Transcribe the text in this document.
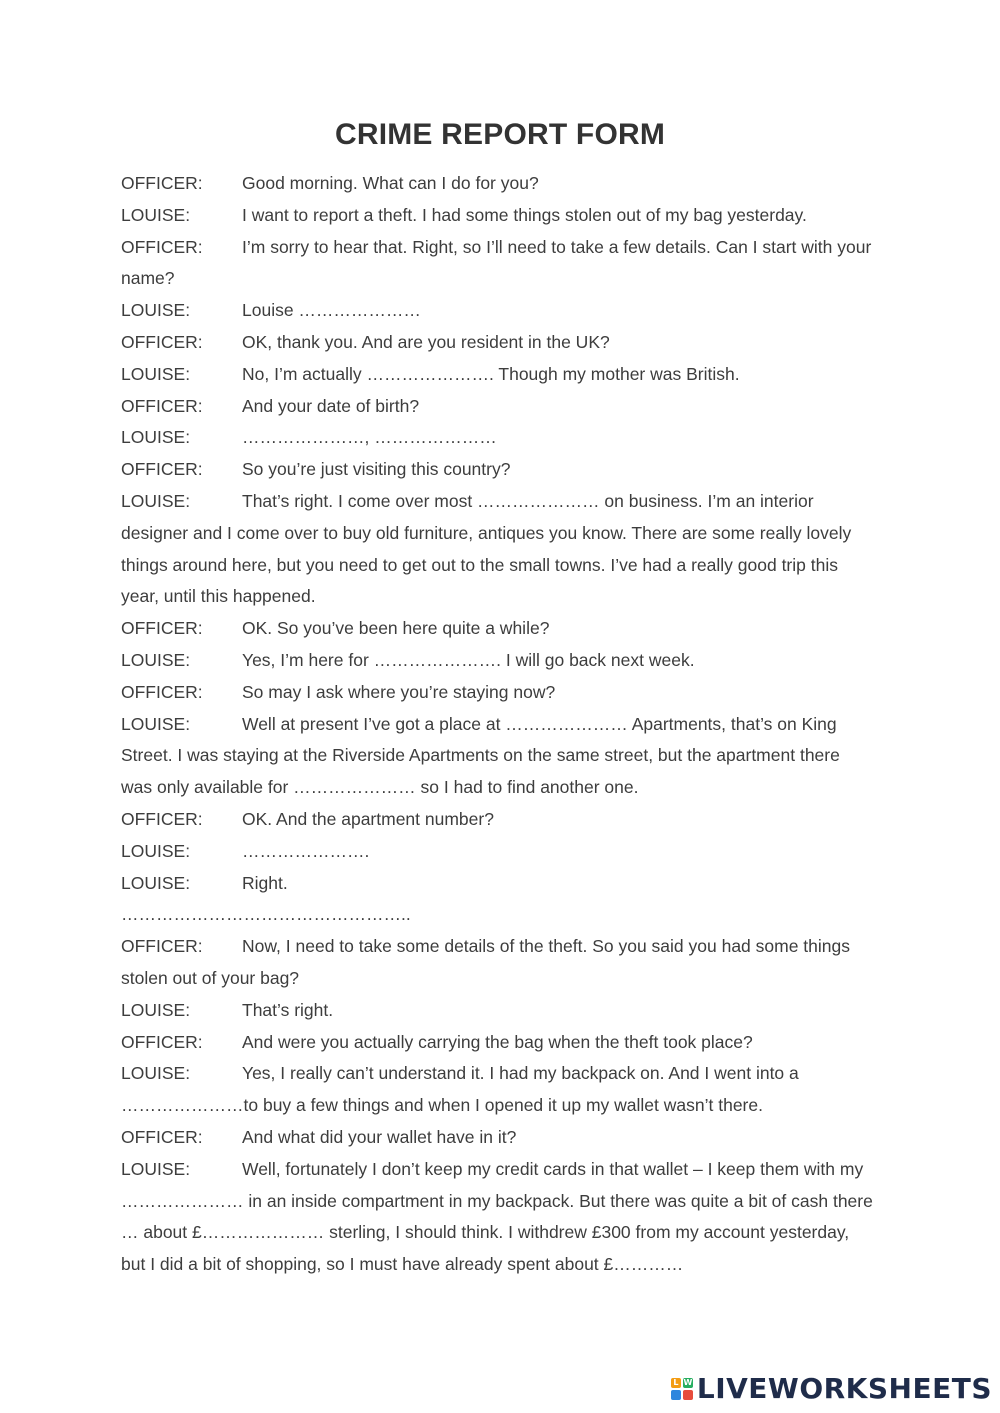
CRIME REPORT FORM
OFFICER: Good morning. What can I do for you?
LOUISE:	I want to report a theft. I had some things stolen out of my bag yesterday.
OFFICER: I’m sorry to hear that. Right, so I’ll need to take a few details. Can I start with your name?
LOUISE:	Louise …………………
OFFICER: OK, thank you. And are you resident in the UK?
LOUISE:	No, I’m actually …………………. Though my mother was British.
OFFICER: And your date of birth?
LOUISE:	…………………, …………………
OFFICER: So you’re just visiting this country?
LOUISE:	That’s right. I come over most ………………… on business. I’m an interior designer and I come over to buy old furniture, antiques you know. There are some really lovely things around here, but you need to get out to the small towns. I’ve had a really good trip this year, until this happened.
OFFICER: OK. So you’ve been here quite a while?
LOUISE:	Yes, I’m here for …………………. I will go back next week.
OFFICER: So may I ask where you’re staying now?
LOUISE:	Well at present I’ve got a place at ………………… Apartments, that’s on King Street. I was staying at the Riverside Apartments on the same street, but the apartment there was only available for ………………… so I had to find another one.
OFFICER: OK. And the apartment number?
LOUISE:	………………….
LOUISE:	Right.
…………………………………………..
OFFICER: Now, I need to take some details of the theft. So you said you had some things stolen out of your bag?
LOUISE:	That’s right.
OFFICER: And were you actually carrying the bag when the theft took place?
LOUISE:	Yes, I really can’t understand it. I had my backpack on. And I went into a …………………to buy a few things and when I opened it up my wallet wasn’t there.
OFFICER: And what did your wallet have in it?
LOUISE:	Well, fortunately I don’t keep my credit cards in that wallet – I keep them with my ………………… in an inside compartment in my backpack. But there was quite a bit of cash there … about £………………… sterling, I should think. I withdrew £300 from my account yesterday, but I did a bit of shopping, so I must have already spent about £…………
L W LIVEWORKSHEETS
